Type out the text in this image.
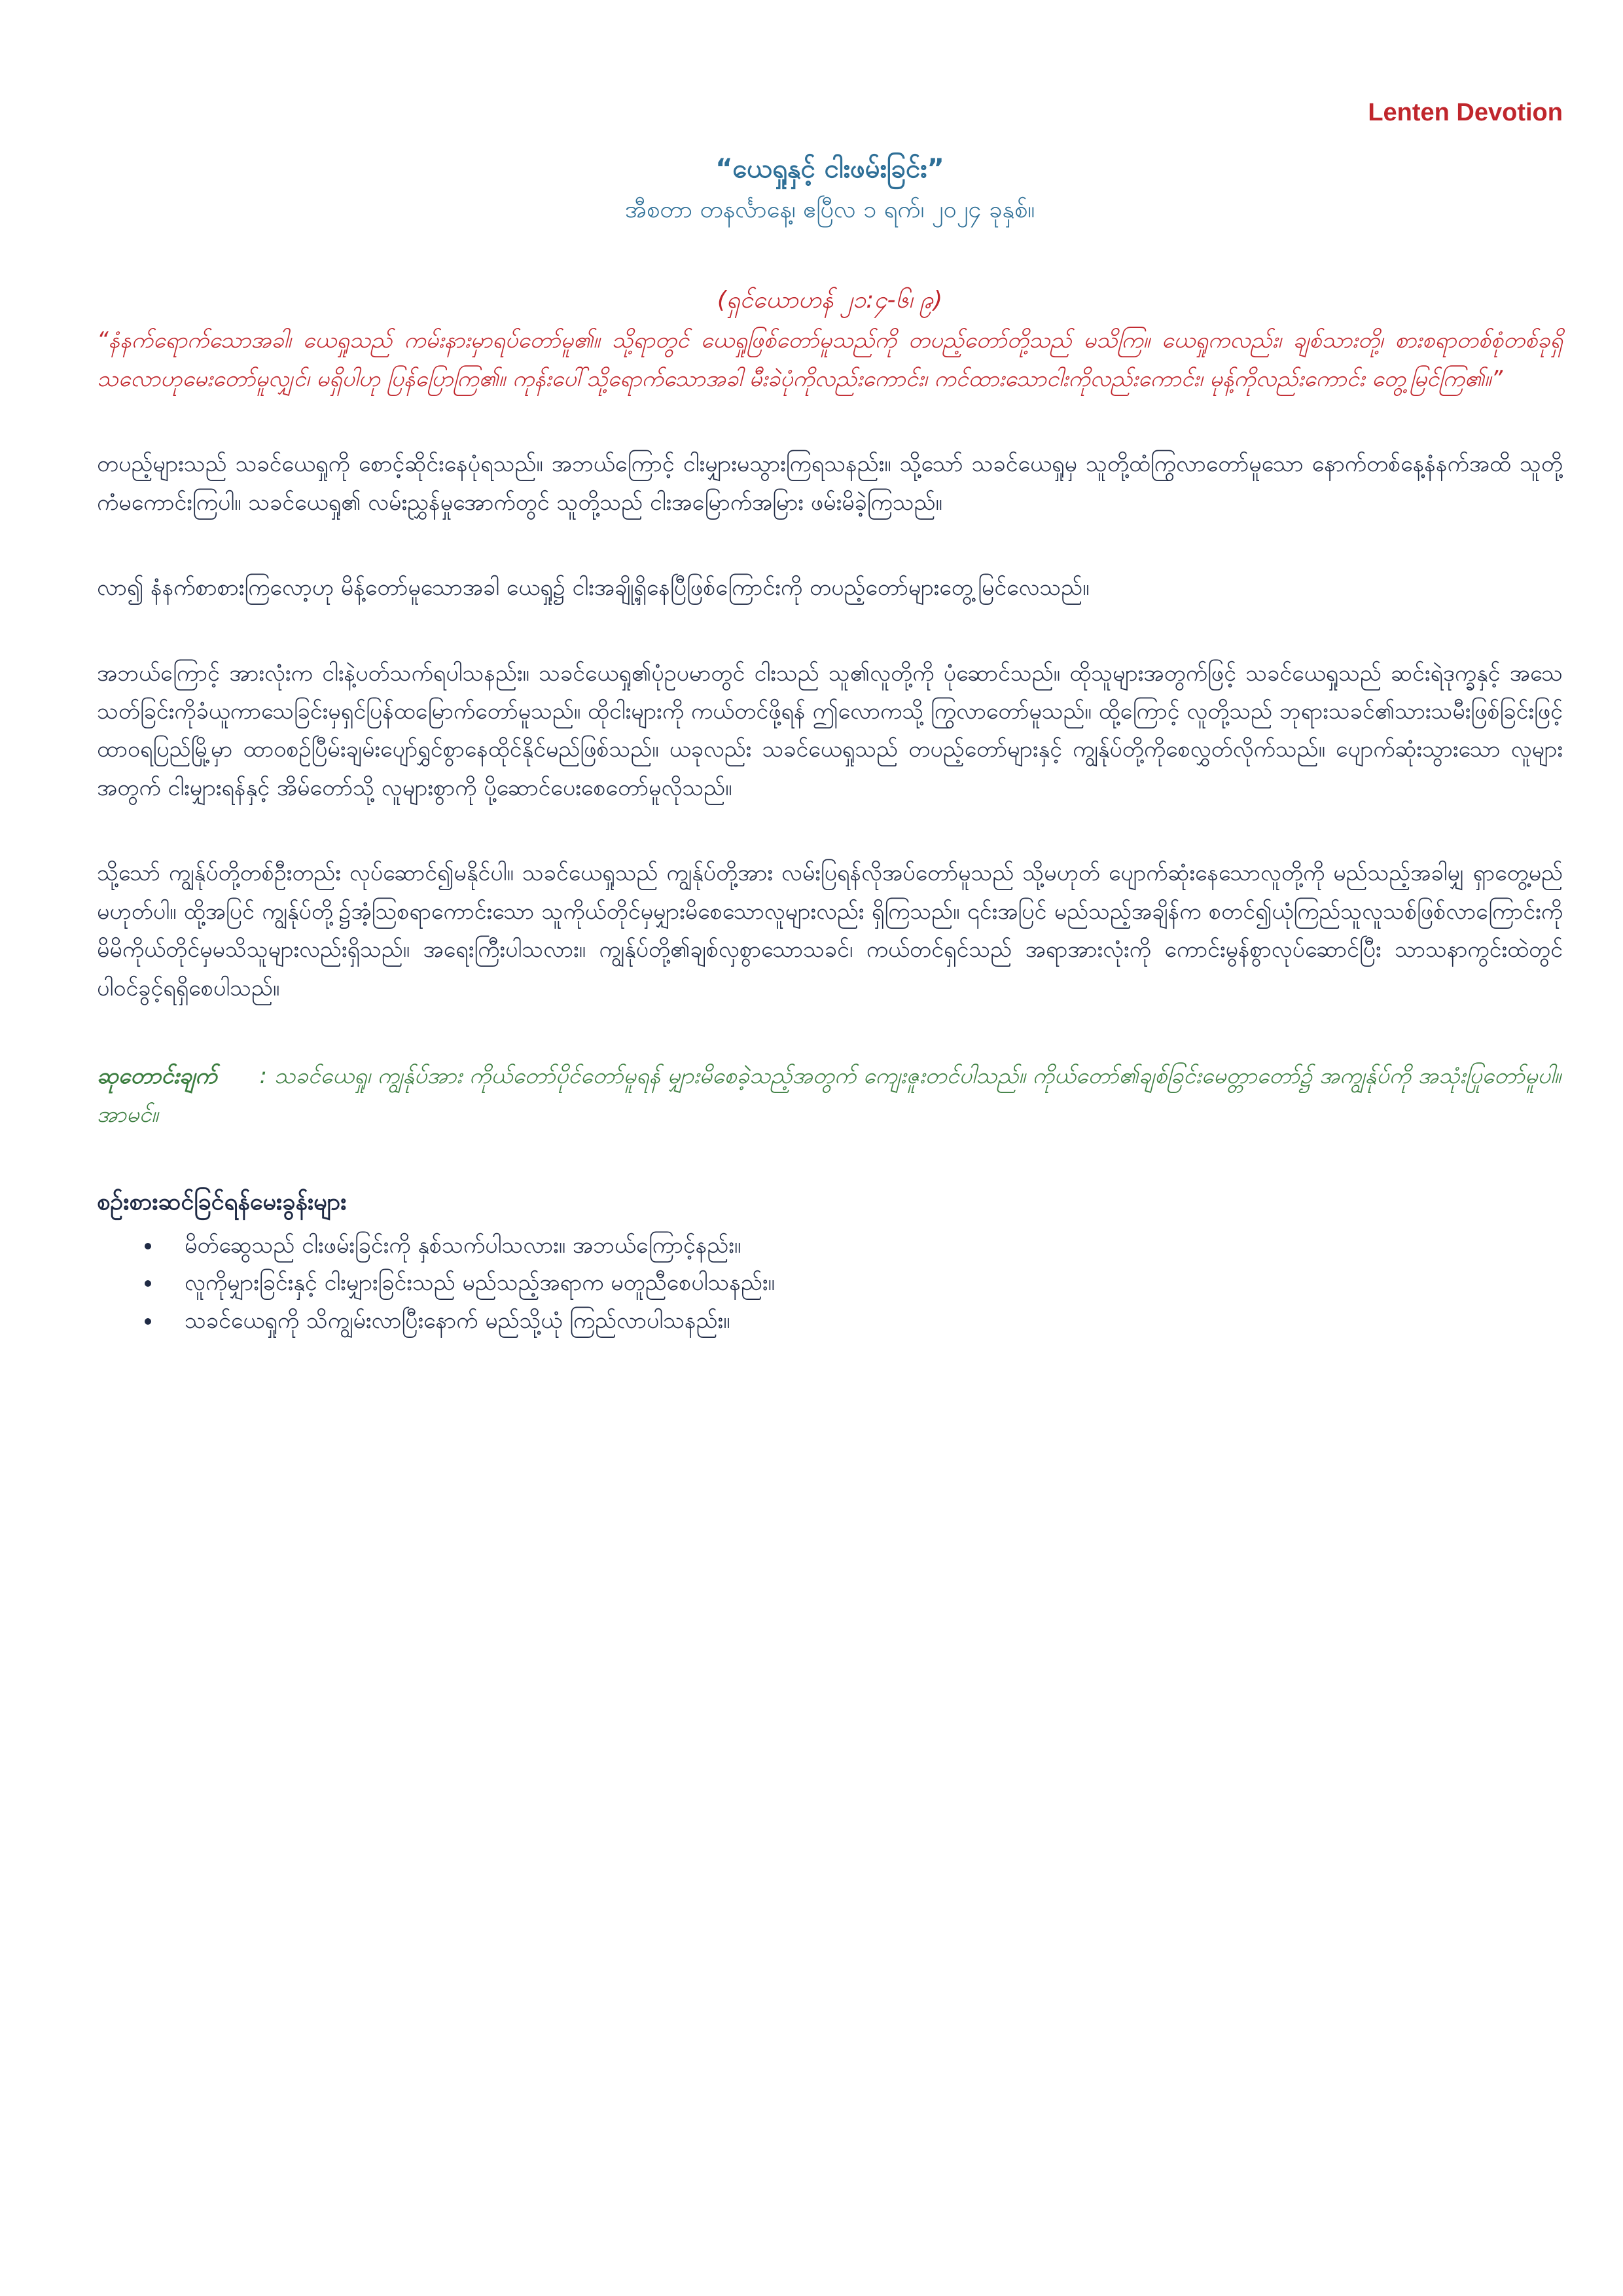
Lenten Devotion
“ယေရှုနှင့် ငါးဖမ်းခြင်း”
အီစတာ တနင်္လာနေ့၊ ဧပြီလ ၁ ရက်၊ ၂၀၂၄ ခုနှစ်။
(ရှင်ယောဟန် ၂၁:၄-၆၊ ၉)
“နံနက်ရောက်သောအခါ၊ ယေရှုသည် ကမ်းနားမှာရပ်တော်မူ၏။ သို့ရာတွင် ယေရှုဖြစ်တော်မူသည်ကို တပည့်တော်တို့သည် မသိကြ။ ယေရှုကလည်း၊ ချစ်သားတို့၊ စားစရာတစ်စုံတစ်ခုရှိသလောဟုမေးတော်မူလျှင်၊ မရှိပါဟု ပြန်ပြောကြ၏။ ကုန်းပေါ်သို့ရောက်သောအခါ မီးခဲပုံကိုလည်းကောင်း၊ ကင်ထားသောငါးကိုလည်းကောင်း၊ မုန့်ကိုလည်းကောင်း တွေ့မြင်ကြ၏။”
တပည့်များသည် သခင်ယေရှုကို စောင့်ဆိုင်းနေပုံရသည်။ အဘယ်ကြောင့် ငါးမျှားမသွားကြရသနည်း။ သို့သော် သခင်ယေရှုမှ သူတို့ထံကြွလာတော်မူသော နောက်တစ်နေ့နံနက်အထိ သူတို့ကံမကောင်းကြပါ။ သခင်ယေရှု၏ လမ်းညွှန်မှုအောက်တွင် သူတို့သည် ငါးအမြောက်အမြား ဖမ်းမိခဲ့ကြသည်။
လာ၍ နံနက်စာစားကြလော့ဟု မိန့်တော်မူသောအခါ ယေရှု၌ ငါးအချို့ရှိနေပြီဖြစ်ကြောင်းကို တပည့်တော်များတွေ့မြင်လေသည်။
အဘယ်ကြောင့် အားလုံးက ငါးနဲ့ပတ်သက်ရပါသနည်း။ သခင်ယေရှု၏ပုံဥပမာတွင် ငါးသည် သူ၏လူတို့ကို ပုံဆောင်သည်။ ထိုသူများအတွက်ဖြင့် သခင်ယေရှုသည် ဆင်းရဲဒုက္ခနှင့် အသေသတ်ခြင်းကိုခံယူကာသေခြင်းမှရှင်ပြန်ထမြောက်တော်မူသည်။ ထိုငါးများကို ကယ်တင်ဖို့ရန် ဤလောကသို့ ကြွလာတော်မူသည်။ ထို့ကြောင့် လူတို့သည် ဘုရားသခင်၏သားသမီးဖြစ်ခြင်းဖြင့် ထာဝရပြည်မြို့မှာ ထာဝစဉ်ပြီမ်းချမ်းပျော်ရွှင်စွာနေထိုင်နိုင်မည်ဖြစ်သည်။ ယခုလည်း သခင်ယေရှုသည် တပည့်တော်များနှင့် ကျွန်ုပ်တို့ကိုစေလွှတ်လိုက်သည်။ ပျောက်ဆုံးသွားသော လူများအတွက် ငါးမျှားရန်နှင့် အိမ်တော်သို့ လူများစွာကို ပို့ဆောင်ပေးစေတော်မူလိုသည်။
သို့သော် ကျွန်ုပ်တို့တစ်ဦးတည်း လုပ်ဆောင်၍မနိုင်ပါ။ သခင်ယေရှုသည် ကျွန်ုပ်တို့အား လမ်းပြရန်လိုအပ်တော်မူသည် သို့မဟုတ် ပျောက်ဆုံးနေသောလူတို့ကို မည်သည့်အခါမျှ ရှာတွေ့မည်မဟုတ်ပါ။ ထို့အပြင် ကျွန်ုပ်တို့၌အံ့သြစရာကောင်းသော သူကိုယ်တိုင်မှမျှားမိစေသောလူများလည်း ရှိကြသည်။ ၎င်းအပြင် မည်သည့်အချိန်က စတင်၍ယုံကြည်သူလူသစ်ဖြစ်လာကြောင်းကို မိမိကိုယ်တိုင်မှမသိသူများလည်းရှိသည်။ အရေးကြီးပါသလား။ ကျွန်ုပ်တို့၏ချစ်လှစွာသောသခင်၊ ကယ်တင်ရှင်သည် အရာအားလုံးကို ကောင်းမွန်စွာလုပ်ဆောင်ပြီး သာသနာကွင်းထဲတွင် ပါဝင်ခွင့်ရရှိစေပါသည်။
ဆုတောင်းချက် : သခင်ယေရှု၊ ကျွန်ုပ်အား ကိုယ်တော်ပိုင်တော်မူရန် မျှားမိစေခဲ့သည့်အတွက် ကျေးဇူးတင်ပါသည်။ ကိုယ်တော်၏ချစ်ခြင်းမေတ္တာတော်၌ အကျွန်ုပ်ကို အသုံးပြုတော်မူပါ။ အာမင်။
စဉ်းစားဆင်ခြင်ရန်မေးခွန်းများ
• မိတ်ဆွေသည် ငါးဖမ်းခြင်းကို နှစ်သက်ပါသလား။ အဘယ်ကြောင့်နည်း။
• လူကိုမျှားခြင်းနှင့် ငါးမျှားခြင်းသည် မည်သည့်အရာက မတူညီစေပါသနည်း။
• သခင်ယေရှုကို သိကျွမ်းလာပြီးနောက် မည်သို့ယုံ ကြည်လာပါသနည်း။
